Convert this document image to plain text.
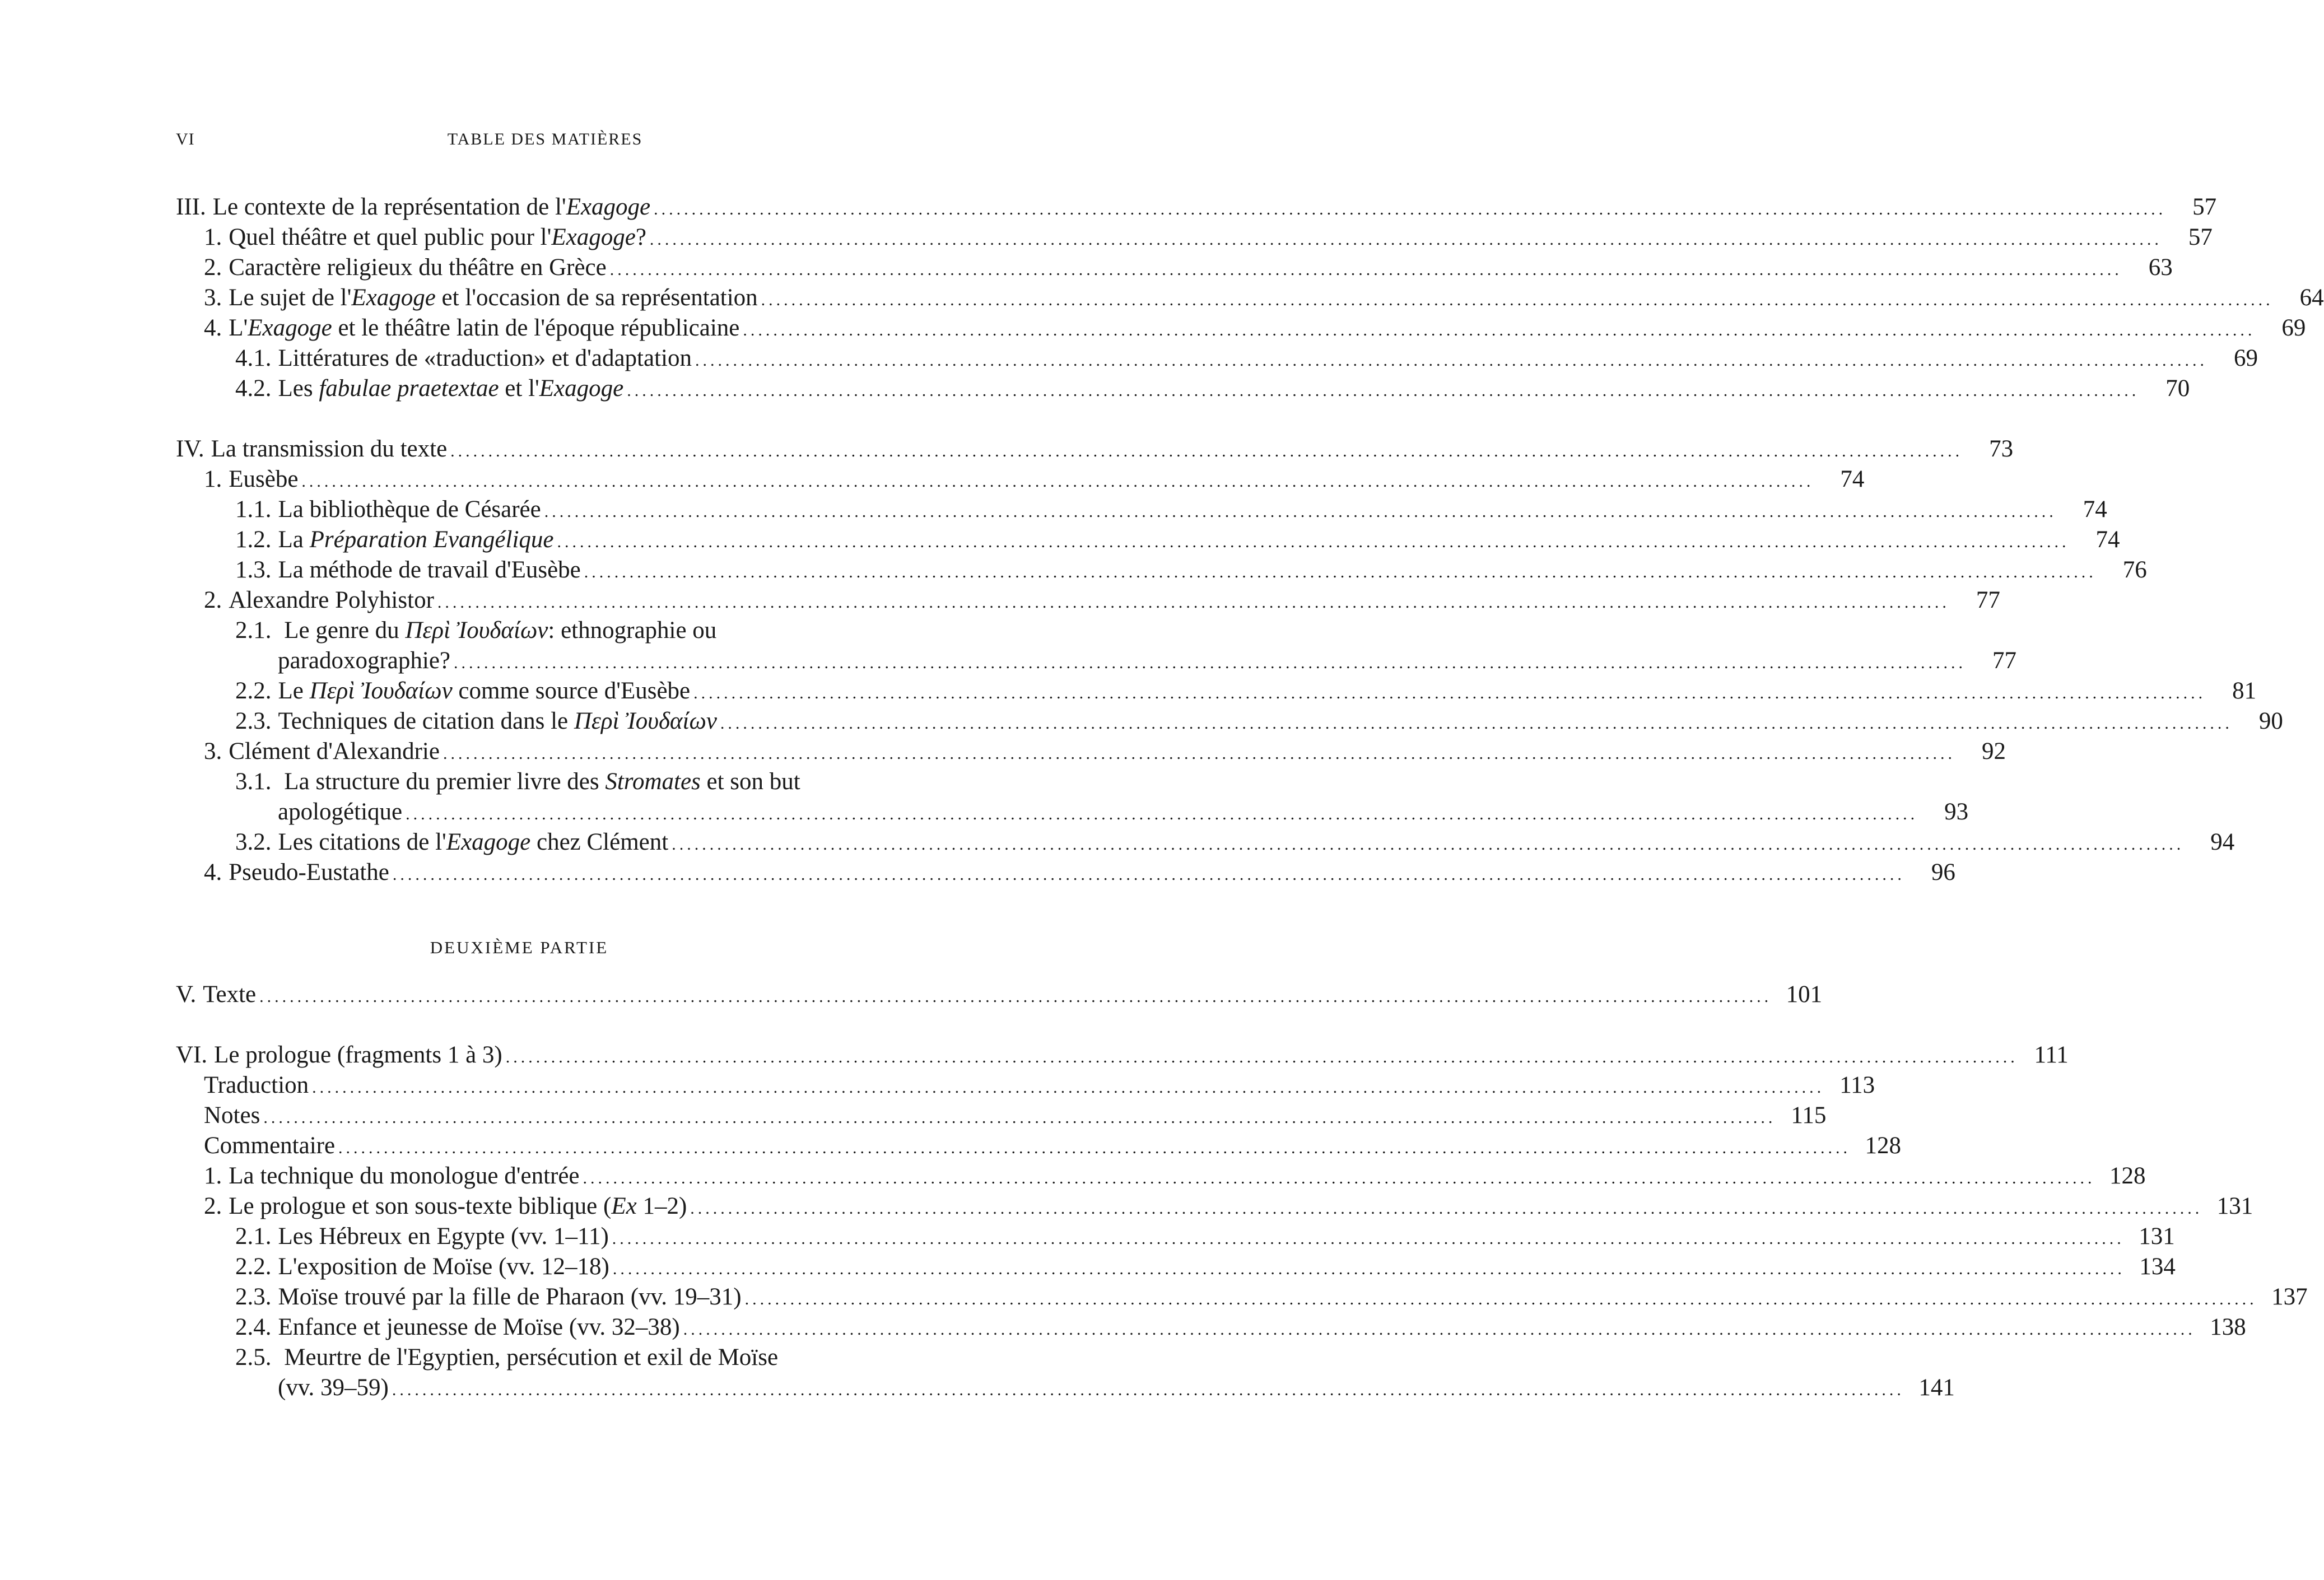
VI	TABLE DES MATIÈRES
III. Le contexte de la représentation de l'Exagoge ........................................................................................................................................................................................................	57
1. Quel théâtre et quel public pour l'Exagoge? ........................................................................................................................................................................................................	57
2. Caractère religieux du théâtre en Grèce ........................................................................................................................................................................................................	63
3. Le sujet de l'Exagoge et l'occasion de sa représentation ........................................................................................................................................................................................................	64
4. L'Exagoge et le théâtre latin de l'époque républicaine ........................................................................................................................................................................................................	69
4.1. Littératures de «traduction» et d'adaptation ........................................................................................................................................................................................................	69
4.2. Les fabulae praetextae et l'Exagoge ........................................................................................................................................................................................................	70
IV. La transmission du texte ........................................................................................................................................................................................................	73
1. Eusèbe ........................................................................................................................................................................................................	74
1.1. La bibliothèque de Césarée ........................................................................................................................................................................................................	74
1.2. La Préparation Evangélique ........................................................................................................................................................................................................	74
1.3. La méthode de travail d'Eusèbe ........................................................................................................................................................................................................	76
2. Alexandre Polyhistor ........................................................................................................................................................................................................	77
2.1. Le genre du Περὶ Ἰουδαίων: ethnographie ou
paradoxographie? ........................................................................................................................................................................................................	77
2.2. Le Περὶ Ἰουδαίων comme source d'Eusèbe ........................................................................................................................................................................................................	81
2.3. Techniques de citation dans le Περὶ Ἰουδαίων ........................................................................................................................................................................................................	90
3. Clément d'Alexandrie ........................................................................................................................................................................................................	92
3.1. La structure du premier livre des Stromates et son but
apologétique ........................................................................................................................................................................................................	93
3.2. Les citations de l'Exagoge chez Clément ........................................................................................................................................................................................................	94
4. Pseudo-Eustathe ........................................................................................................................................................................................................	96
DEUXIÈME PARTIE
V. Texte ........................................................................................................................................................................................................ 101
VI. Le prologue (fragments 1 à 3) ........................................................................................................................................................................................................ 111
Traduction ........................................................................................................................................................................................................ 113
Notes ........................................................................................................................................................................................................ 115
Commentaire ........................................................................................................................................................................................................ 128
1. La technique du monologue d'entrée ........................................................................................................................................................................................................ 128
2. Le prologue et son sous-texte biblique (Ex 1–2) ........................................................................................................................................................................................................ 131
2.1. Les Hébreux en Egypte (vv. 1–11) ........................................................................................................................................................................................................ 131
2.2. L'exposition de Moïse (vv. 12–18) ........................................................................................................................................................................................................ 134
2.3. Moïse trouvé par la fille de Pharaon (vv. 19–31) ........................................................................................................................................................................................................ 137
2.4. Enfance et jeunesse de Moïse (vv. 32–38) ........................................................................................................................................................................................................ 138
2.5. Meurtre de l'Egyptien, persécution et exil de Moïse
(vv. 39–59) ........................................................................................................................................................................................................ 141
